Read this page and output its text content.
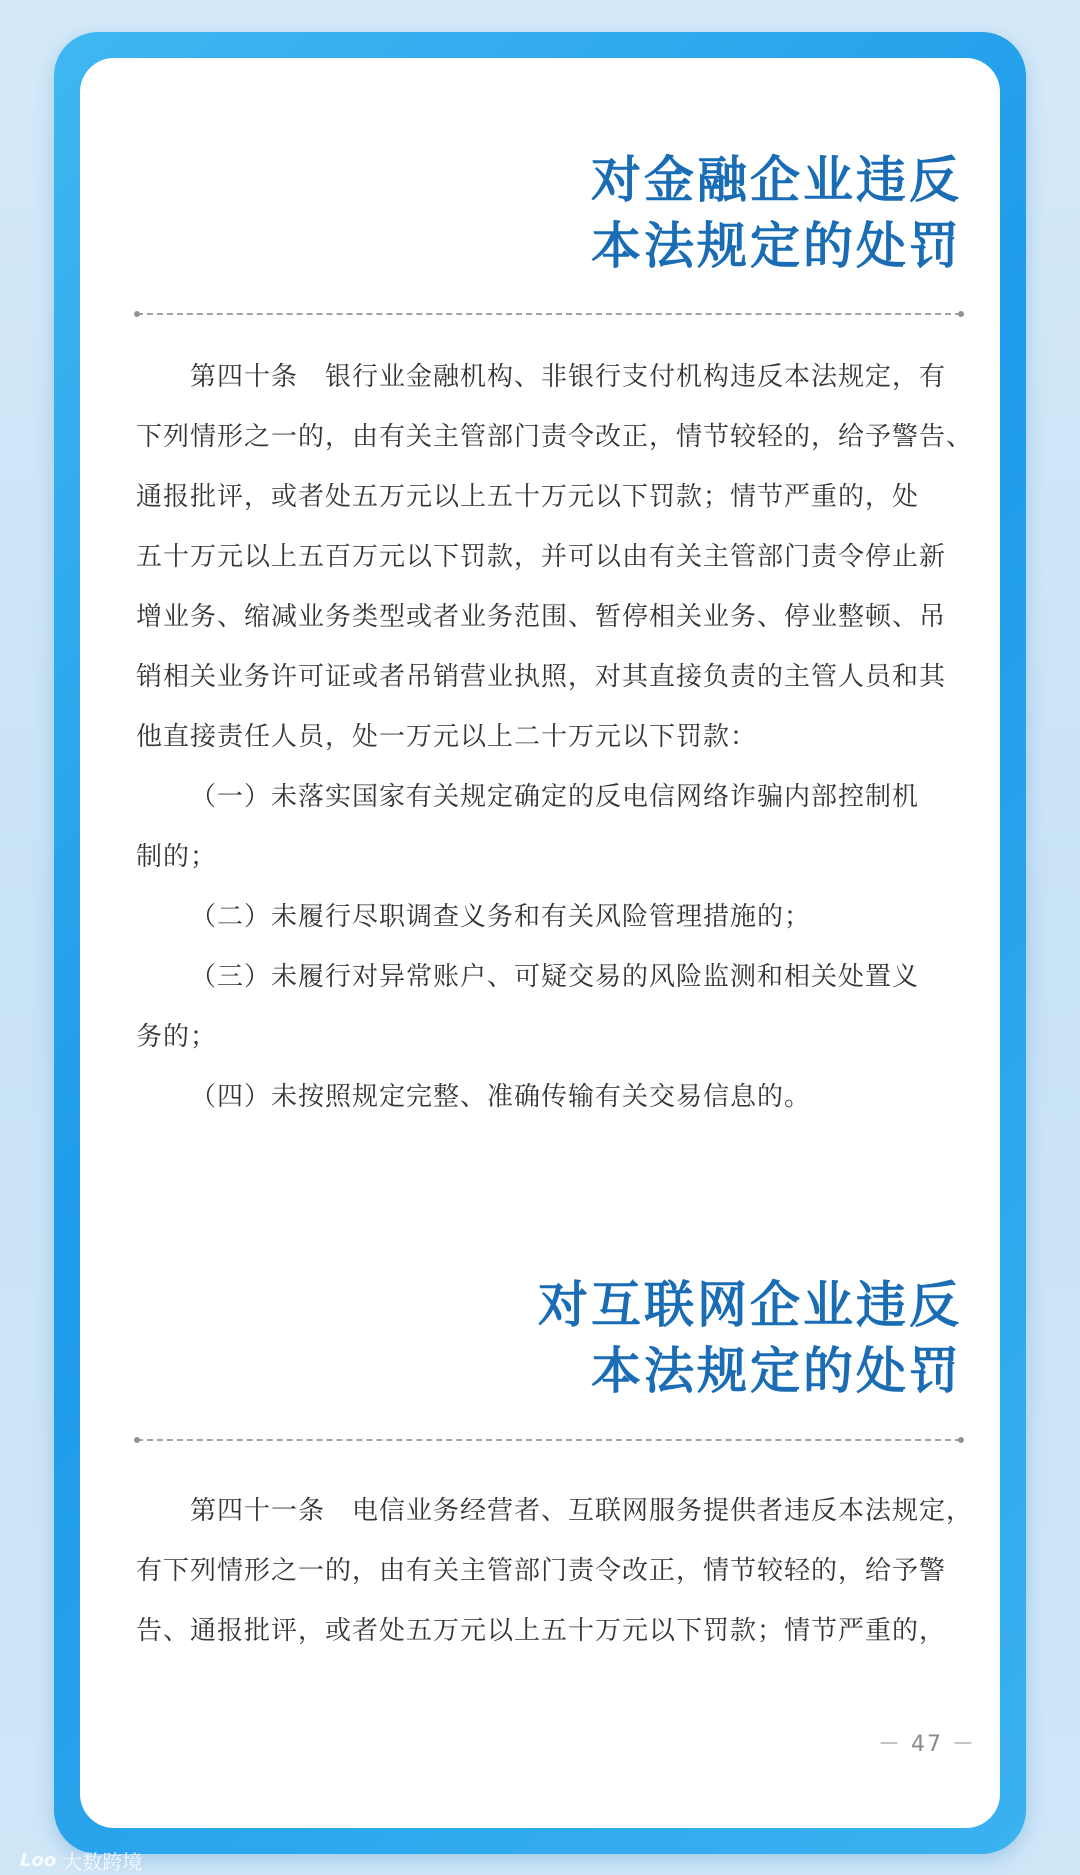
对金融企业违反
本法规定的处罚
第四十条　银行业金融机构、非银行支付机构违反本法规定，有
下列情形之一的，由有关主管部门责令改正，情节较轻的，给予警告、
通报批评，或者处五万元以上五十万元以下罚款；情节严重的，处
五十万元以上五百万元以下罚款，并可以由有关主管部门责令停止新
增业务、缩减业务类型或者业务范围、暂停相关业务、停业整顿、吊
销相关业务许可证或者吊销营业执照，对其直接负责的主管人员和其
他直接责任人员，处一万元以上二十万元以下罚款：
（一）未落实国家有关规定确定的反电信网络诈骗内部控制机
制的；
（二）未履行尽职调查义务和有关风险管理措施的；
（三）未履行对异常账户、可疑交易的风险监测和相关处置义
务的；
（四）未按照规定完整、准确传输有关交易信息的。
对互联网企业违反
本法规定的处罚
第四十一条　电信业务经营者、互联网服务提供者违反本法规定，
有下列情形之一的，由有关主管部门责令改正，情节较轻的，给予警
告、通报批评，或者处五万元以上五十万元以下罚款；情节严重的，
－ 47 －
Loo 大数跨境
